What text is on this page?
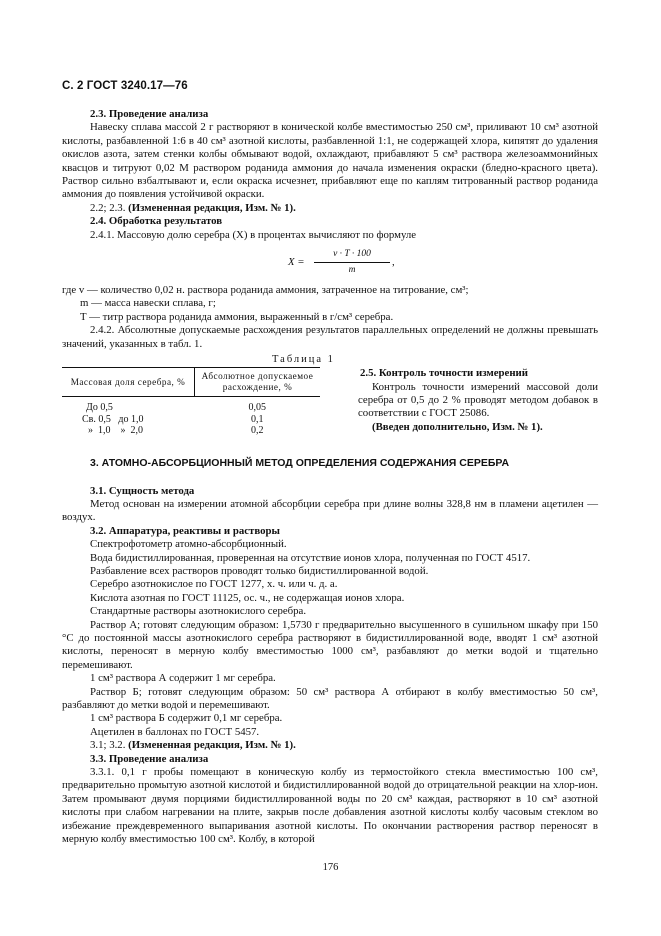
С. 2 ГОСТ 3240.17—76

2.3. Проведение анализа

Навеску сплава массой 2 г растворяют в конической колбе вместимостью 250 см³, приливают 10 см³ азотной кислоты, разбавленной 1:6 в 40 см³ азотной кислоты, разбавленной 1:1, не содержащей хлора, кипятят до удаления окислов азота, затем стенки колбы обмывают водой, охлаждают, прибавляют 5 см³ раствора железоаммонийных квасцов и титруют 0,02 М раствором роданида аммония до начала изменения окраски (бледно-красного цвета). Раствор сильно взбалтывают и, если окраска исчезнет, прибавляют еще по каплям титрованный раствор роданида аммония до появления устойчивой окраски.

2.2; 2.3. (Измененная редакция, Изм. № 1).

2.4. Обработка результатов

2.4.1. Массовую долю серебра (X) в процентах вычисляют по формуле

$X = \frac{v \cdot T \cdot 100}{m}$ ,

где v — количество 0,02 н. раствора роданида аммония, затраченное на титрование, см³;

m — масса навески сплава, г;

T — титр раствора роданида аммония, выраженный в г/см³ серебра.

2.4.2. Абсолютные допускаемые расхождения результатов параллельных определений не должны превышать значений, указанных в табл. 1.

Таблица 1
Массовая доля серебра, %	Абсолютное допускаемое расхождение, %
До 0,5	0,05
Св. 0,5   до 1,0	0,1
»  1,0    »  2,0	0,2

2.5. Контроль точности измерений

Контроль точности измерений массовой доли серебра от 0,5 до 2 % проводят методом добавок в соответствии с ГОСТ 25086.

(Введен дополнительно, Изм. № 1).

3. АТОМНО-АБСОРБЦИОННЫЙ МЕТОД ОПРЕДЕЛЕНИЯ СОДЕРЖАНИЯ СЕРЕБРА

3.1. Сущность метода

Метод основан на измерении атомной абсорбции серебра при длине волны 328,8 нм в пламени ацетилен — воздух.

3.2. Аппаратура, реактивы и растворы

Спектрофотометр атомно-абсорбционный.

Вода бидистиллированная, проверенная на отсутствие ионов хлора, полученная по ГОСТ 4517.

Разбавление всех растворов проводят только бидистиллированной водой.

Серебро азотнокислое по ГОСТ 1277, х. ч. или ч. д. а.

Кислота азотная по ГОСТ 11125, ос. ч., не содержащая ионов хлора.

Стандартные растворы азотнокислого серебра.

Раствор А; готовят следующим образом: 1,5730 г предварительно высушенного в сушильном шкафу при 150 °С до постоянной массы азотнокислого серебра растворяют в бидистиллированной воде, вводят 1 см³ азотной кислоты, переносят в мерную колбу вместимостью 1000 см³, разбавляют до метки водой и тщательно перемешивают.

1 см³ раствора А содержит 1 мг серебра.

Раствор Б; готовят следующим образом: 50 см³ раствора А отбирают в колбу вместимостью 50 см³, разбавляют до метки водой и перемешивают.

1 см³ раствора Б содержит 0,1 мг серебра.

Ацетилен в баллонах по ГОСТ 5457.

3.1; 3.2. (Измененная редакция, Изм. № 1).

3.3. Проведение анализа

3.3.1. 0,1 г пробы помещают в коническую колбу из термостойкого стекла вместимостью 100 см³, предварительно промытую азотной кислотой и бидистиллированной водой до отрицательной реакции на хлор-ион. Затем промывают двумя порциями бидистиллированной воды по 20 см³ каждая, растворяют в 10 см³ азотной кислоты при слабом нагревании на плите, закрыв после добавления азотной кислоты колбу часовым стеклом во избежание преждевременного выпаривания азотной кислоты. По окончании растворения раствор переносят в мерную колбу вместимостью 100 см³. Колбу, в которой

176
